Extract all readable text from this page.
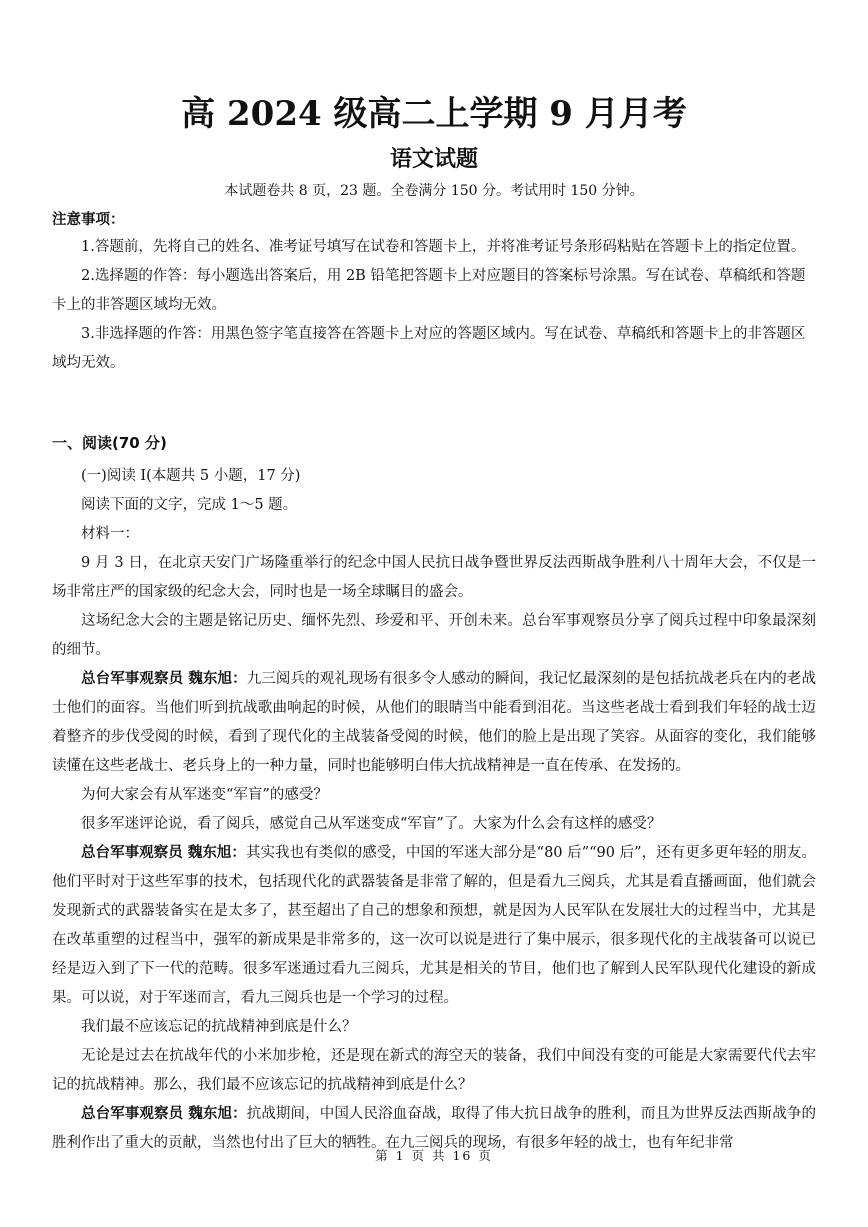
高 2024 级高二上学期 9 月月考
语文试题
本试题卷共 8 页，23 题。全卷满分 150 分。考试用时 150 分钟。
注意事项：

1.答题前，先将自己的姓名、准考证号填写在试卷和答题卡上，并将准考证号条形码粘贴在答题卡上的指定位置。

2.选择题的作答：每小题选出答案后，用 2B 铅笔把答题卡上对应题目的答案标号涂黑。写在试卷、草稿纸和答题卡上的非答题区域均无效。

3.非选择题的作答：用黑色签字笔直接答在答题卡上对应的答题区域内。写在试卷、草稿纸和答题卡上的非答题区域均无效。

一、阅读(70 分)

(一)阅读 I(本题共 5 小题，17 分)

阅读下面的文字，完成 1～5 题。

材料一：

9 月 3 日，在北京天安门广场隆重举行的纪念中国人民抗日战争暨世界反法西斯战争胜利八十周年大会，不仅是一场非常庄严的国家级的纪念大会，同时也是一场全球瞩目的盛会。

这场纪念大会的主题是铭记历史、缅怀先烈、珍爱和平、开创未来。总台军事观察员分享了阅兵过程中印象最深刻的细节。

总台军事观察员 魏东旭：九三阅兵的观礼现场有很多令人感动的瞬间，我记忆最深刻的是包括抗战老兵在内的老战士他们的面容。当他们听到抗战歌曲响起的时候，从他们的眼睛当中能看到泪花。当这些老战士看到我们年轻的战士迈着整齐的步伐受阅的时候，看到了现代化的主战装备受阅的时候，他们的脸上是出现了笑容。从面容的变化，我们能够读懂在这些老战士、老兵身上的一种力量，同时也能够明白伟大抗战精神是一直在传承、在发扬的。

为何大家会有从军迷变“军盲”的感受？

很多军迷评论说，看了阅兵，感觉自己从军迷变成“军盲”了。大家为什么会有这样的感受？

总台军事观察员 魏东旭：其实我也有类似的感受，中国的军迷大部分是“80 后”“90 后”，还有更多更年轻的朋友。他们平时对于这些军事的技术，包括现代化的武器装备是非常了解的，但是看九三阅兵，尤其是看直播画面，他们就会发现新式的武器装备实在是太多了，甚至超出了自己的想象和预想，就是因为人民军队在发展壮大的过程当中，尤其是在改革重塑的过程当中，强军的新成果是非常多的，这一次可以说是进行了集中展示，很多现代化的主战装备可以说已经是迈入到了下一代的范畴。很多军迷通过看九三阅兵，尤其是相关的节目，他们也了解到人民军队现代化建设的新成果。可以说，对于军迷而言，看九三阅兵也是一个学习的过程。

我们最不应该忘记的抗战精神到底是什么？

无论是过去在抗战年代的小米加步枪，还是现在新式的海空天的装备，我们中间没有变的可能是大家需要代代去牢记的抗战精神。那么，我们最不应该忘记的抗战精神到底是什么？

总台军事观察员 魏东旭：抗战期间，中国人民浴血奋战，取得了伟大抗日战争的胜利，而且为世界反法西斯战争的胜利作出了重大的贡献，当然也付出了巨大的牺牲。在九三阅兵的现场，有很多年轻的战士，也有年纪非常

第 1 页 共 16 页
